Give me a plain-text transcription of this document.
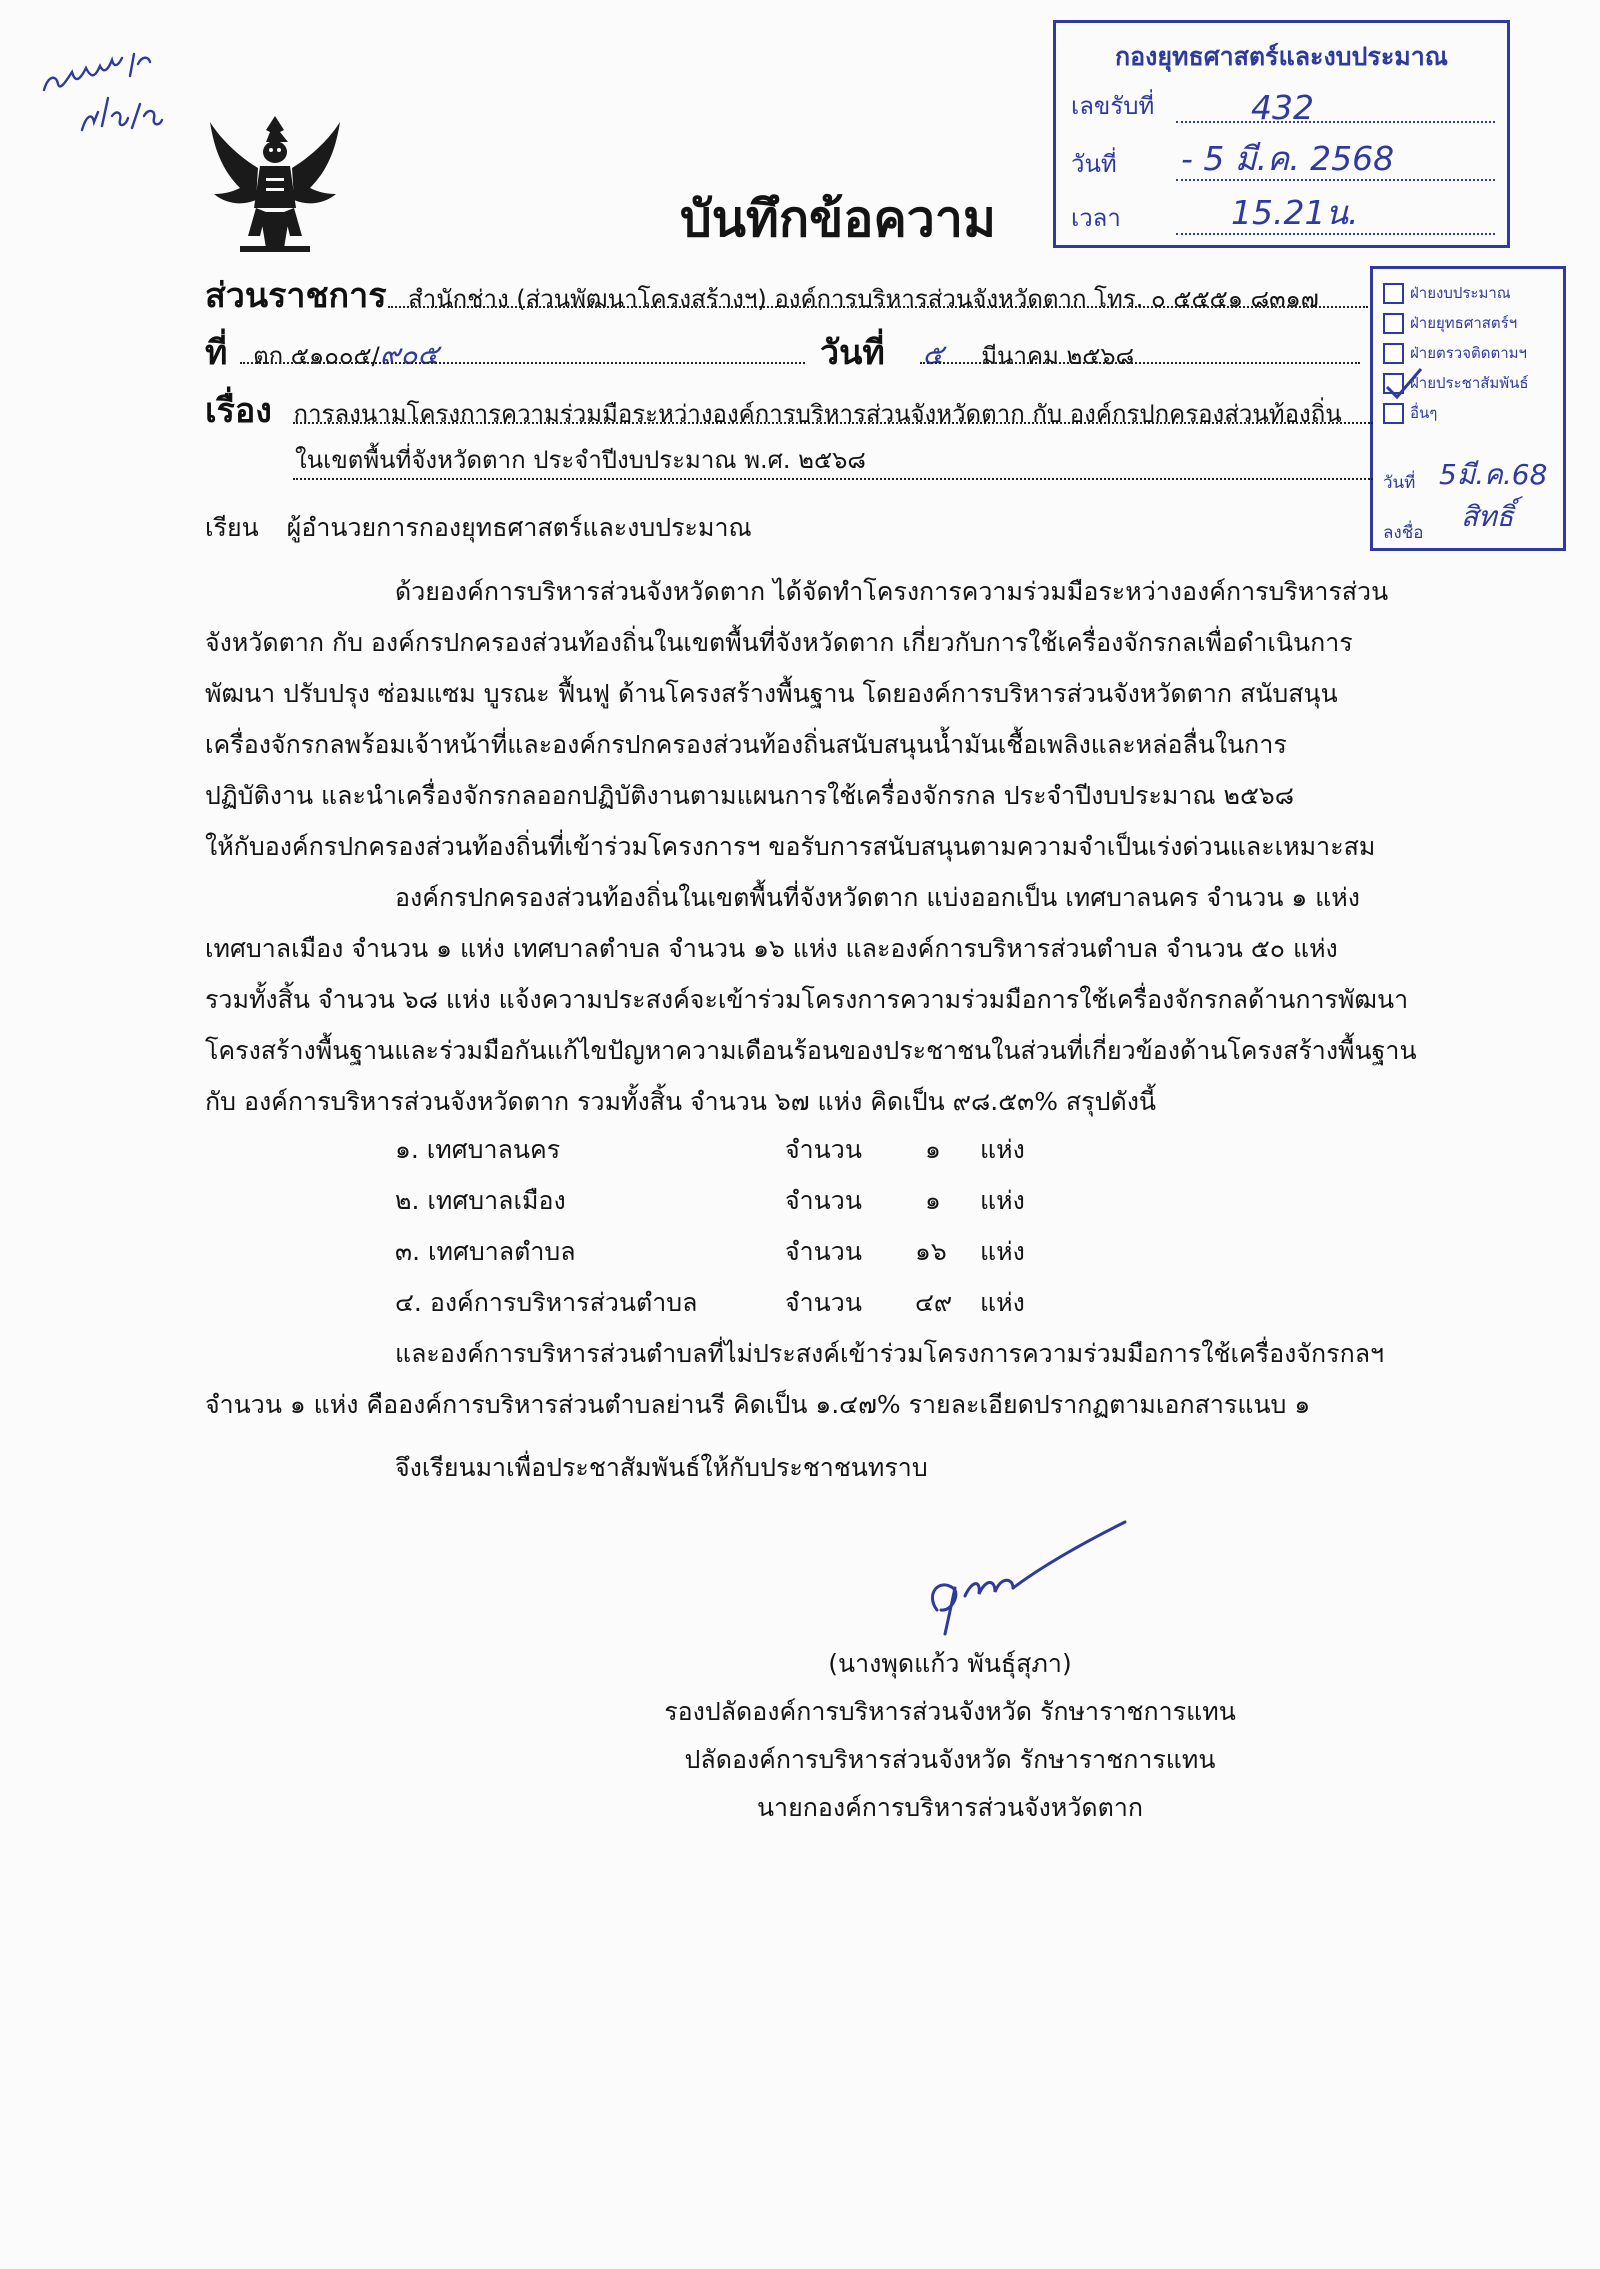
บันทึกข้อความ
กองยุทธศาสตร์และงบประมาณ
เลขรับที่	432
วันที่ - 5 มี.ค. 2568
เวลา	15.21น.
ฝ่ายงบประมาณ
ฝ่ายยุทธศาสตร์ฯ
ฝ่ายตรวจติดตามฯ
ฝ่ายประชาสัมพันธ์
อื่นๆ
วันที่ 5มี.ค.68
ลงชื่อ สิทธิ์
ส่วนราชการ สำนักช่าง (ส่วนพัฒนาโครงสร้างฯ) องค์การบริหารส่วนจังหวัดตาก โทร. ๐ ๕๕๕๑ ๘๓๑๗
ที่ ตก ๕๑๐๐๕/๙๐๕	วันที่ ๕ มีนาคม ๒๕๖๘
เรื่อง การลงนามโครงการความร่วมมือระหว่างองค์การบริหารส่วนจังหวัดตาก กับ องค์กรปกครองส่วนท้องถิ่น
ในเขตพื้นที่จังหวัดตาก ประจำปีงบประมาณ พ.ศ. ๒๕๖๘
เรียน ผู้อำนวยการกองยุทธศาสตร์และงบประมาณ
ด้วยองค์การบริหารส่วนจังหวัดตาก ได้จัดทำโครงการความร่วมมือระหว่างองค์การบริหารส่วน
จังหวัดตาก กับ องค์กรปกครองส่วนท้องถิ่นในเขตพื้นที่จังหวัดตาก เกี่ยวกับการใช้เครื่องจักรกลเพื่อดำเนินการ
พัฒนา ปรับปรุง ซ่อมแซม บูรณะ ฟื้นฟู ด้านโครงสร้างพื้นฐาน โดยองค์การบริหารส่วนจังหวัดตาก สนับสนุน
เครื่องจักรกลพร้อมเจ้าหน้าที่และองค์กรปกครองส่วนท้องถิ่นสนับสนุนน้ำมันเชื้อเพลิงและหล่อลื่นในการ
ปฏิบัติงาน และนำเครื่องจักรกลออกปฏิบัติงานตามแผนการใช้เครื่องจักรกล ประจำปีงบประมาณ ๒๕๖๘
ให้กับองค์กรปกครองส่วนท้องถิ่นที่เข้าร่วมโครงการฯ ขอรับการสนับสนุนตามความจำเป็นเร่งด่วนและเหมาะสม
องค์กรปกครองส่วนท้องถิ่นในเขตพื้นที่จังหวัดตาก แบ่งออกเป็น เทศบาลนคร จำนวน ๑ แห่ง
เทศบาลเมือง จำนวน ๑ แห่ง เทศบาลตำบล จำนวน ๑๖ แห่ง และองค์การบริหารส่วนตำบล จำนวน ๕๐ แห่ง
รวมทั้งสิ้น จำนวน ๖๘ แห่ง แจ้งความประสงค์จะเข้าร่วมโครงการความร่วมมือการใช้เครื่องจักรกลด้านการพัฒนา
โครงสร้างพื้นฐานและร่วมมือกันแก้ไขปัญหาความเดือนร้อนของประชาชนในส่วนที่เกี่ยวข้องด้านโครงสร้างพื้นฐาน
กับ องค์การบริหารส่วนจังหวัดตาก รวมทั้งสิ้น จำนวน ๖๗ แห่ง คิดเป็น ๙๘.๕๓% สรุปดังนี้
๑. เทศบาลนคร	จำนวน	๑ แห่ง
๒. เทศบาลเมือง	จำนวน	๑ แห่ง
๓. เทศบาลตำบล	จำนวน ๑๖ แห่ง
๔. องค์การบริหารส่วนตำบล	จำนวน ๔๙ แห่ง
และองค์การบริหารส่วนตำบลที่ไม่ประสงค์เข้าร่วมโครงการความร่วมมือการใช้เครื่องจักรกลฯ
จำนวน ๑ แห่ง คือองค์การบริหารส่วนตำบลย่านรี คิดเป็น ๑.๔๗% รายละเอียดปรากฏตามเอกสารแนบ ๑
จึงเรียนมาเพื่อประชาสัมพันธ์ให้กับประชาชนทราบ
(นางพุดแก้ว พันธุ์สุภา)
รองปลัดองค์การบริหารส่วนจังหวัด รักษาราชการแทน
ปลัดองค์การบริหารส่วนจังหวัด รักษาราชการแทน
นายกองค์การบริหารส่วนจังหวัดตาก
